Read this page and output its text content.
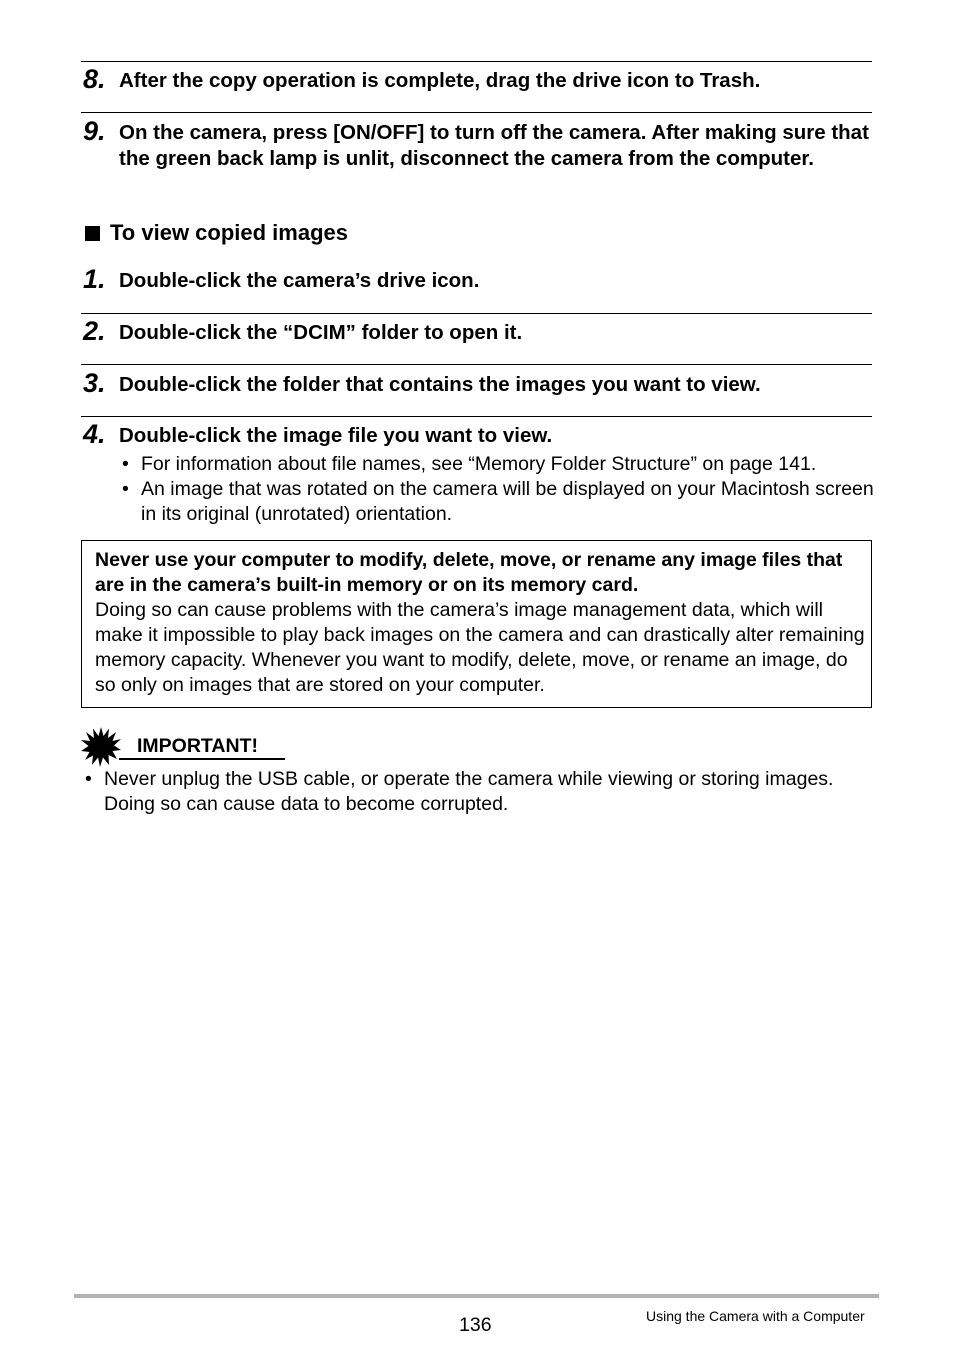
8. After the copy operation is complete, drag the drive icon to Trash.
9. On the camera, press [ON/OFF] to turn off the camera. After making sure that the green back lamp is unlit, disconnect the camera from the computer.
To view copied images
1. Double-click the camera’s drive icon.
2. Double-click the “DCIM” folder to open it.
3. Double-click the folder that contains the images you want to view.
4. Double-click the image file you want to view.
• For information about file names, see “Memory Folder Structure” on page 141.
• An image that was rotated on the camera will be displayed on your Macintosh screen in its original (unrotated) orientation.
Never use your computer to modify, delete, move, or rename any image files that are in the camera’s built-in memory or on its memory card.
Doing so can cause problems with the camera’s image management data, which will make it impossible to play back images on the camera and can drastically alter remaining memory capacity. Whenever you want to modify, delete, move, or rename an image, do so only on images that are stored on your computer.
IMPORTANT!
• Never unplug the USB cable, or operate the camera while viewing or storing images. Doing so can cause data to become corrupted.
136	Using the Camera with a Computer
